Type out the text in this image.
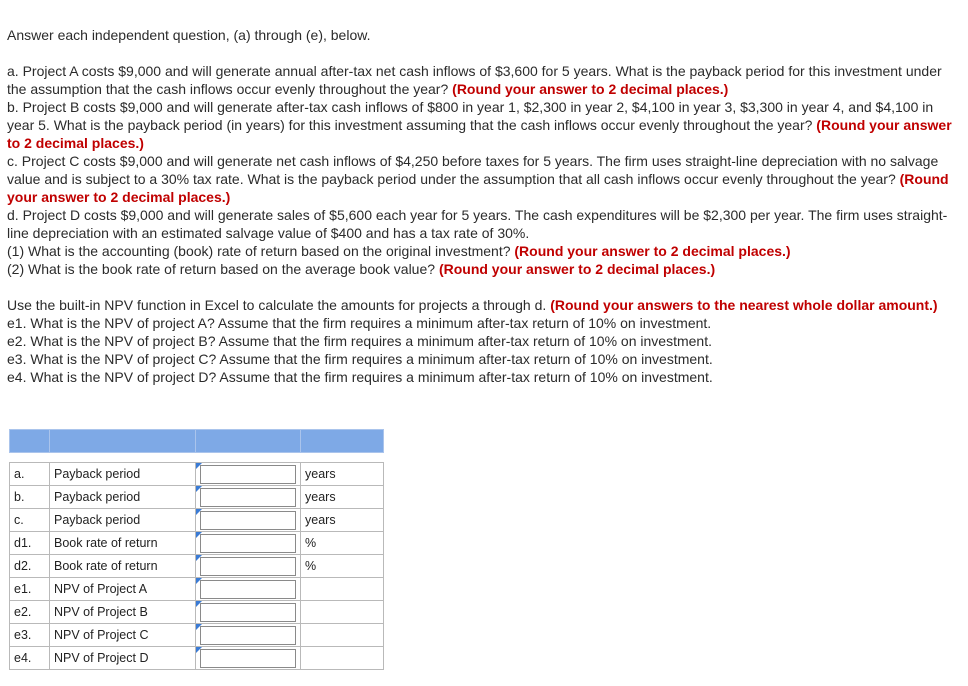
Answer each independent question, (a) through (e), below.

a. Project A costs $9,000 and will generate annual after-tax net cash inflows of $3,600 for 5 years. What is the payback period for this investment under the assumption that the cash inflows occur evenly throughout the year? (Round your answer to 2 decimal places.)

b. Project B costs $9,000 and will generate after-tax cash inflows of $800 in year 1, $2,300 in year 2, $4,100 in year 3, $3,300 in year 4, and $4,100 in year 5. What is the payback period (in years) for this investment assuming that the cash inflows occur evenly throughout the year? (Round your answer to 2 decimal places.)

c. Project C costs $9,000 and will generate net cash inflows of $4,250 before taxes for 5 years. The firm uses straight-line depreciation with no salvage value and is subject to a 30% tax rate. What is the payback period under the assumption that all cash inflows occur evenly throughout the year? (Round your answer to 2 decimal places.)

d. Project D costs $9,000 and will generate sales of $5,600 each year for 5 years. The cash expenditures will be $2,300 per year. The firm uses straight-line depreciation with an estimated salvage value of $400 and has a tax rate of 30%.

(1) What is the accounting (book) rate of return based on the original investment? (Round your answer to 2 decimal places.)

(2) What is the book rate of return based on the average book value? (Round your answer to 2 decimal places.)

Use the built-in NPV function in Excel to calculate the amounts for projects a through d. (Round your answers to the nearest whole dollar amount.)

e1. What is the NPV of project A? Assume that the firm requires a minimum after-tax return of 10% on investment.

e2. What is the NPV of project B? Assume that the firm requires a minimum after-tax return of 10% on investment.

e3. What is the NPV of project C? Assume that the firm requires a minimum after-tax return of 10% on investment.

e4. What is the NPV of project D? Assume that the firm requires a minimum after-tax return of 10% on investment.

a.	Payback period		years
b.	Payback period		years
c.	Payback period		years
d1.	Book rate of return		%
d2.	Book rate of return		%
e1.	NPV of Project A	

e2.	NPV of Project B	

e3.	NPV of Project C	

e4.	NPV of Project D	
